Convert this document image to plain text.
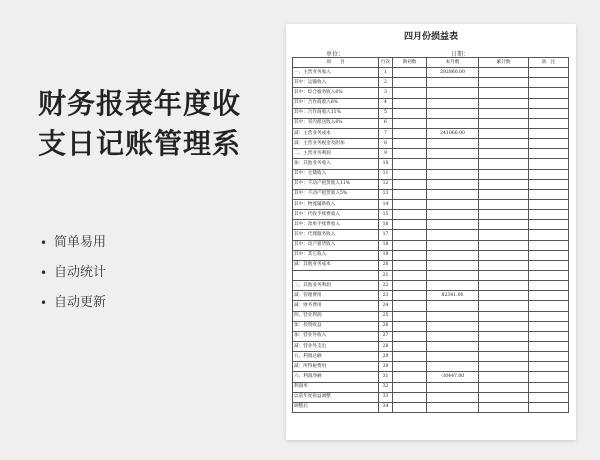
财务报表年度收
支日记账管理系
• 简单易用
• 自动统计
• 自动更新
四月份损益表
单位：	日期：
项　　目	行次	期初数	本月数	累计数	备　注
一、主营业务收入	1		292860.00		
其中：运输收入	2				
其中：综合服务收入6%	3				
其中：合作商收入6%	4				
其中：合作商收入11%	5				
其中：省内派送收入6%	6				
减：主营业务成本	7		241066.00		
减：主营业务税金及附加	8				
二、主营业务利润	9				
加：其他业务收入	10				
其中：仓储收入	11				
其中：不动产租赁收入11%	12				
其中：不动产租赁收入5%	13				
其中：物流辅助收入	14				
其中：代收手续费收入	15				
其中：改单手续费收入	16				
其中：代理服务收入	17				
其中：动产租赁收入	18				
其中：其它收入	19				
减：其他业务成本	20				
	21				
三、其他业务利润	22				
减：管理费用	23		82341.00		
减：财务费用	24				
四、营业利润	25				
加：投资收益	26				
加：营业外收入	27				
减：营业外支出	28				
五、利润总额	29				
减：所得税费用	30				
六、利润净额	31		-30447.00		
利润率	32				
以前年度损益调整	33				
调整后	34				
